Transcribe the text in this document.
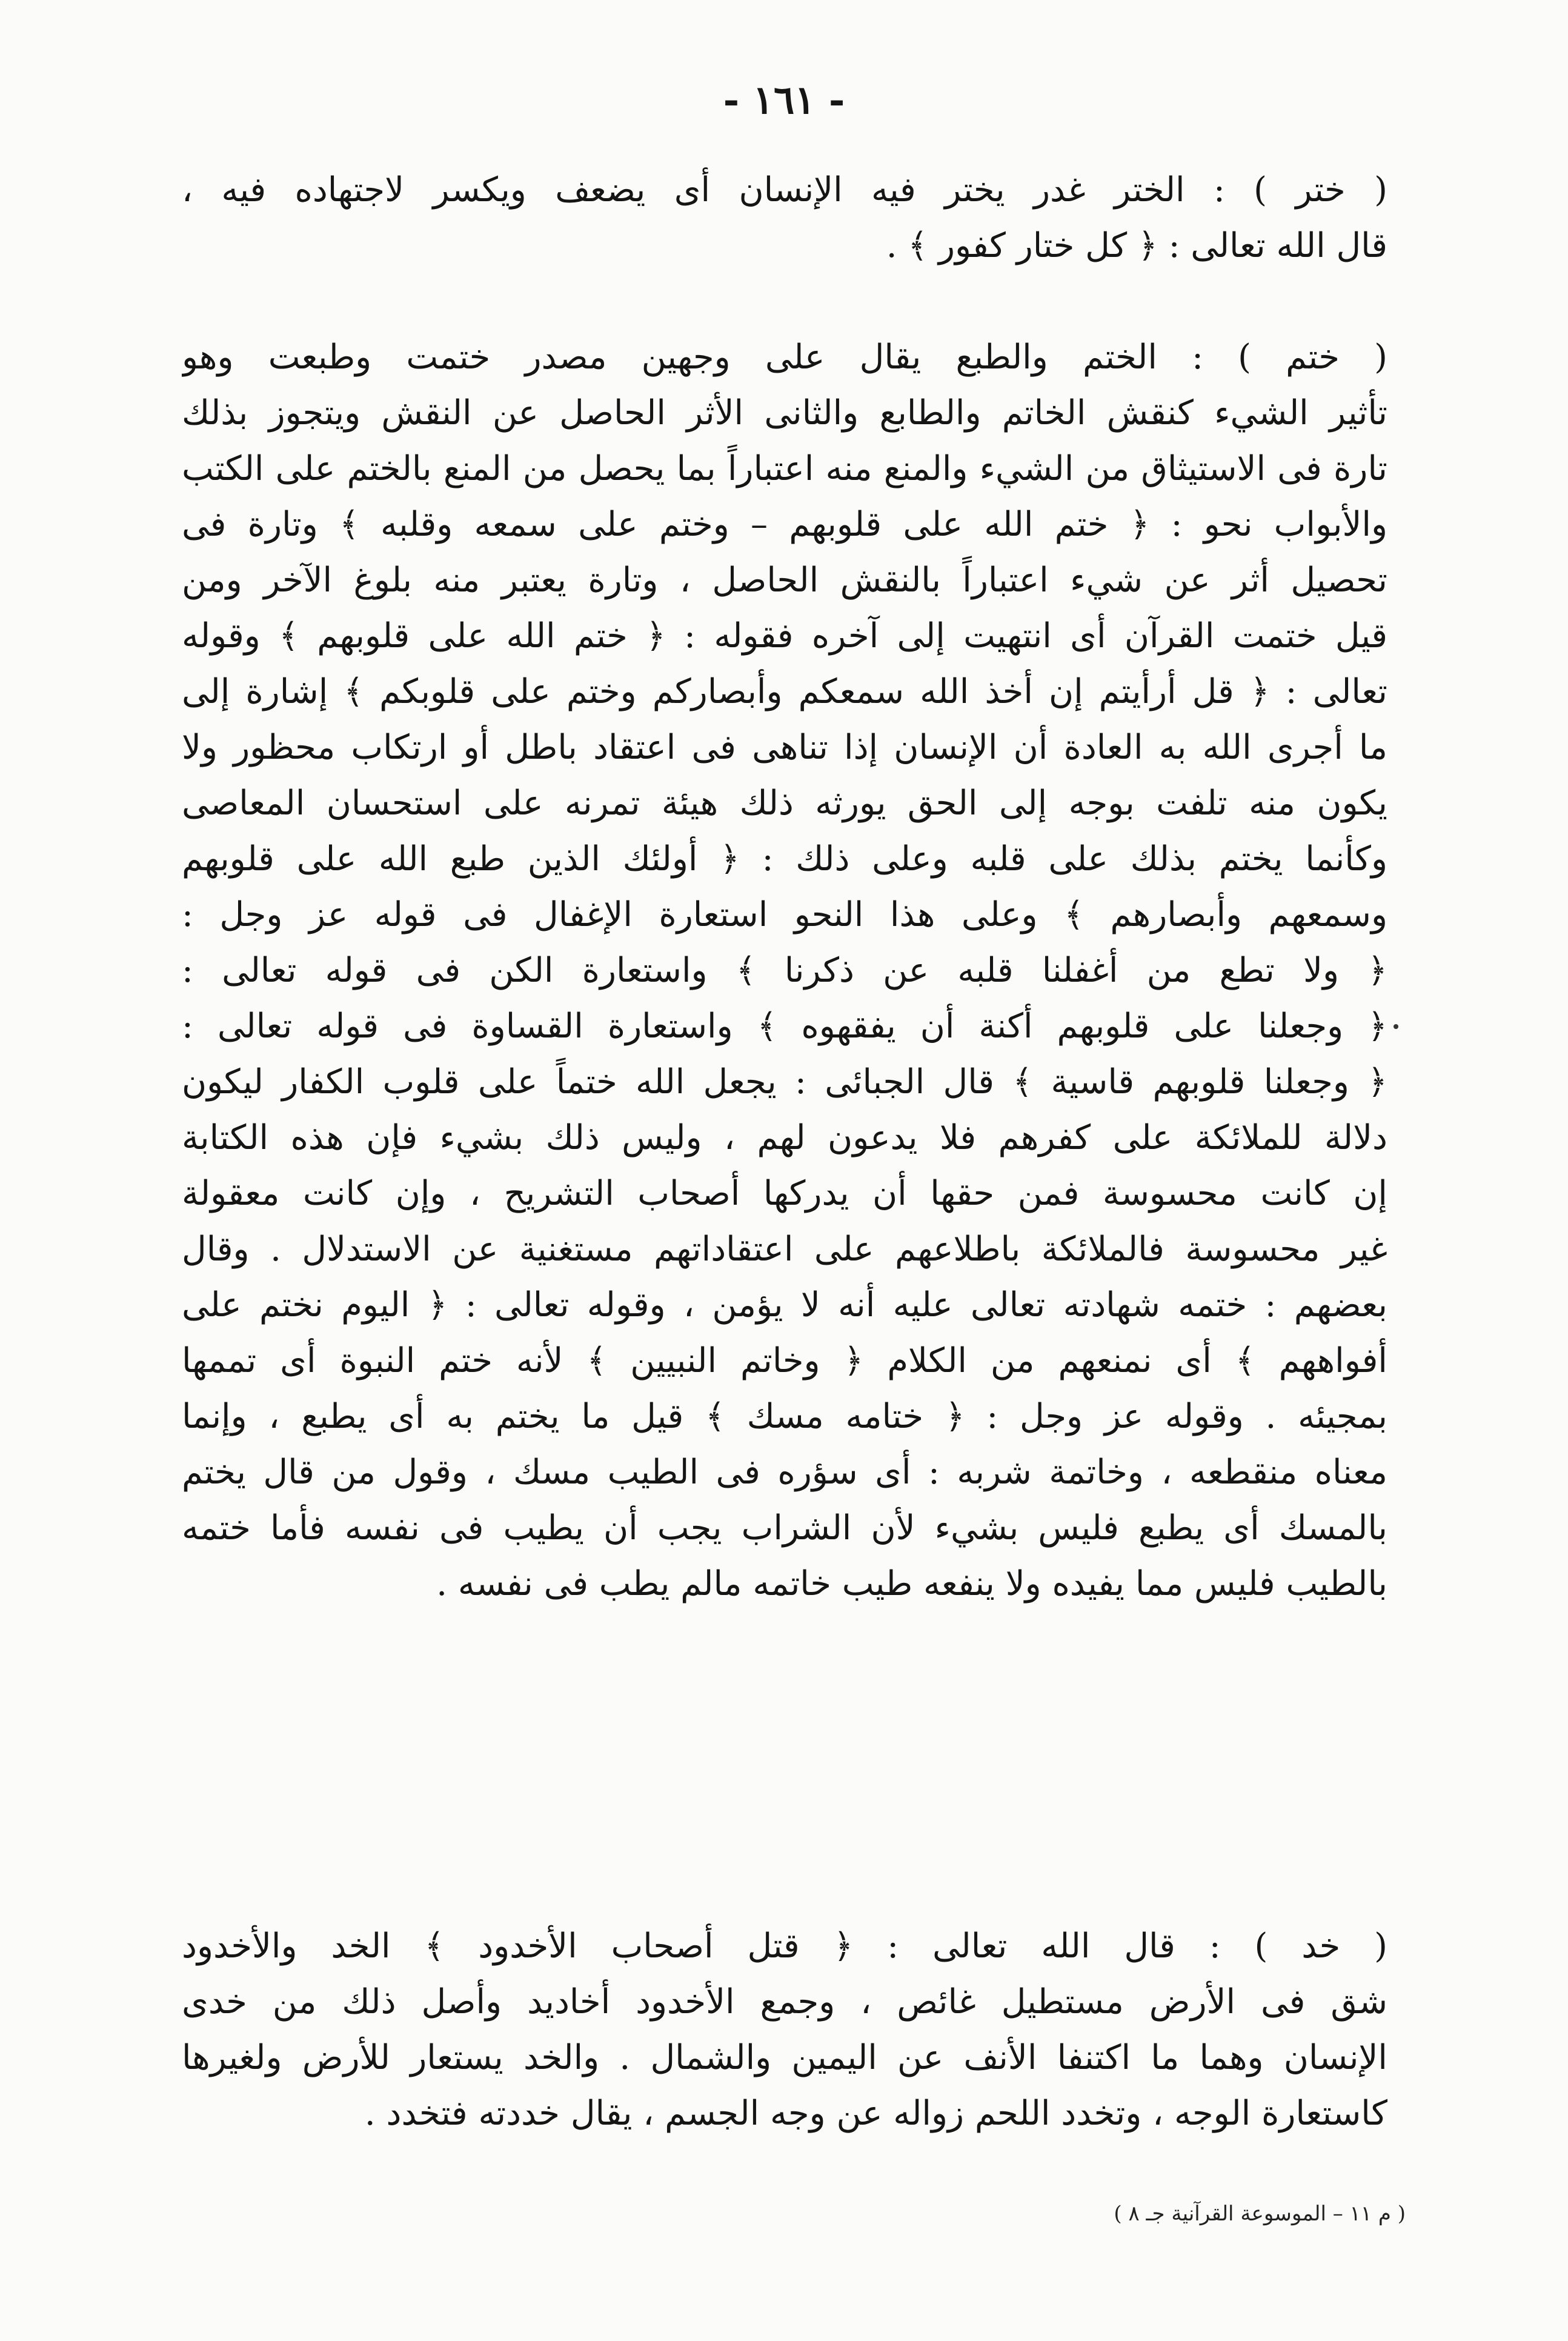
- ١٦١ -
( ختر ) : الختر غدر يختر فيه الإنسان أى يضعف ويكسر لاجتهاده فيه ،
قال الله تعالى : ﴿ كل ختار كفور ﴾ .
( ختم ) : الختم والطبع يقال على وجهين مصدر ختمت وطبعت وهو
تأثير الشيء كنقش الخاتم والطابع والثانى الأثر الحاصل عن النقش ويتجوز بذلك
تارة فى الاستيثاق من الشيء والمنع منه اعتباراً بما يحصل من المنع بالختم على الكتب
والأبواب نحو : ﴿ ختم الله على قلوبهم – وختم على سمعه وقلبه ﴾ وتارة فى
تحصيل أثر عن شيء اعتباراً بالنقش الحاصل ، وتارة يعتبر منه بلوغ الآخر ومن
قيل ختمت القرآن أى انتهيت إلى آخره فقوله : ﴿ ختم الله على قلوبهم ﴾ وقوله
تعالى : ﴿ قل أرأيتم إن أخذ الله سمعكم وأبصاركم وختم على قلوبكم ﴾ إشارة إلى
ما أجرى الله به العادة أن الإنسان إذا تناهى فى اعتقاد باطل أو ارتكاب محظور ولا
يكون منه تلفت بوجه إلى الحق يورثه ذلك هيئة تمرنه على استحسان المعاصى
وكأنما يختم بذلك على قلبه وعلى ذلك : ﴿ أولئك الذين طبع الله على قلوبهم
وسمعهم وأبصارهم ﴾ وعلى هذا النحو استعارة الإغفال فى قوله عز وجل :
﴿ ولا تطع من أغفلنا قلبه عن ذكرنا ﴾ واستعارة الكن فى قوله تعالى :
﴿ وجعلنا على قلوبهم أكنة أن يفقهوه ﴾ واستعارة القساوة فى قوله تعالى :
﴿ وجعلنا قلوبهم قاسية ﴾ قال الجبائى : يجعل الله ختماً على قلوب الكفار ليكون
دلالة للملائكة على كفرهم فلا يدعون لهم ، وليس ذلك بشيء فإن هذه الكتابة
إن كانت محسوسة فمن حقها أن يدركها أصحاب التشريح ، وإن كانت معقولة
غير محسوسة فالملائكة باطلاعهم على اعتقاداتهم مستغنية عن الاستدلال . وقال
بعضهم : ختمه شهادته تعالى عليه أنه لا يؤمن ، وقوله تعالى : ﴿ اليوم نختم على
أفواههم ﴾ أى نمنعهم من الكلام ﴿ وخاتم النبيين ﴾ لأنه ختم النبوة أى تممها
بمجيئه . وقوله عز وجل : ﴿ ختامه مسك ﴾ قيل ما يختم به أى يطبع ، وإنما
معناه منقطعه ، وخاتمة شربه : أى سؤره فى الطيب مسك ، وقول من قال يختم
بالمسك أى يطبع فليس بشيء لأن الشراب يجب أن يطيب فى نفسه فأما ختمه
بالطيب فليس مما يفيده ولا ينفعه طيب خاتمه مالم يطب فى نفسه .
( خد ) : قال الله تعالى : ﴿ قتل أصحاب الأخدود ﴾ الخد والأخدود
شق فى الأرض مستطيل غائص ، وجمع الأخدود أخاديد وأصل ذلك من خدى
الإنسان وهما ما اكتنفا الأنف عن اليمين والشمال . والخد يستعار للأرض ولغيرها
كاستعارة الوجه ، وتخدد اللحم زواله عن وجه الجسم ، يقال خددته فتخدد .
( م ١١ – الموسوعة القرآنية جـ ٨ )
